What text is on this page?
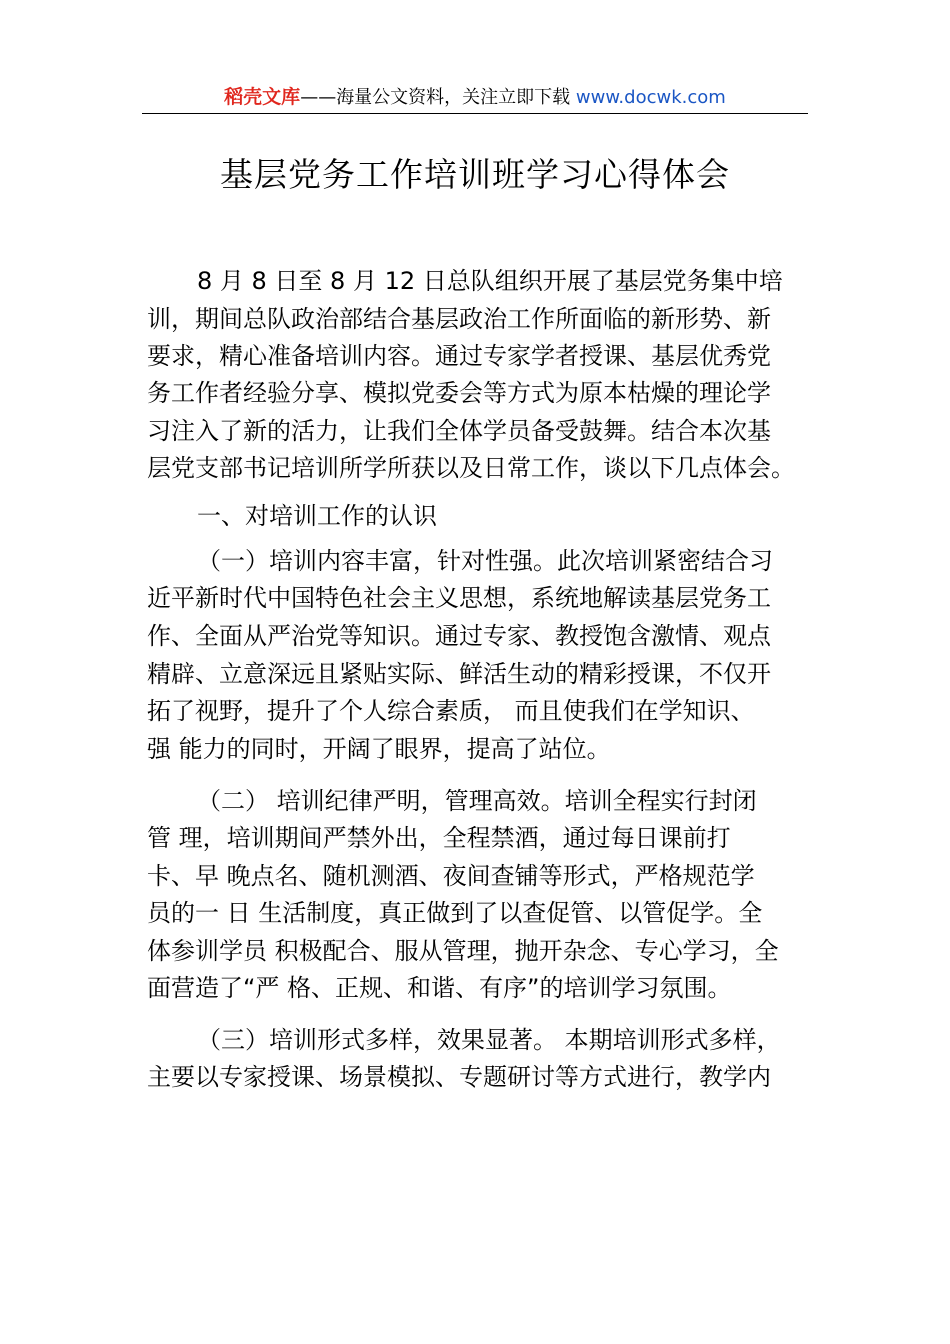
稻壳文库——海量公文资料，关注立即下载 www.docwk.com
基层党务工作培训班学习心得体会
8 月 8 日至 8 月 12 日总队组织开展了基层党务集中培
训，期间总队政治部结合基层政治工作所面临的新形势、新
要求，精心准备培训内容。通过专家学者授课、基层优秀党
务工作者经验分享、模拟党委会等方式为原本枯燥的理论学
习注入了新的活力，让我们全体学员备受鼓舞。结合本次基
层党支部书记培训所学所获以及日常工作，谈以下几点体会。
一、对培训工作的认识
（一）培训内容丰富，针对性强。此次培训紧密结合习
近平新时代中国特色社会主义思想，系统地解读基层党务工
作、全面从严治党等知识。通过专家、教授饱含激情、观点
精辟、立意深远且紧贴实际、鲜活生动的精彩授课，不仅开
拓了视野，提升了个人综合素质， 而且使我们在学知识、
强 能力的同时，开阔了眼界，提高了站位。
（二） 培训纪律严明，管理高效。培训全程实行封闭
管 理，培训期间严禁外出，全程禁酒，通过每日课前打
卡、早 晚点名、随机测酒、夜间查铺等形式，严格规范学
员的一 日 生活制度，真正做到了以查促管、以管促学。全
体参训学员 积极配合、服从管理，抛开杂念、专心学习，全
面营造了“严 格、正规、和谐、有序”的培训学习氛围。
（三）培训形式多样，效果显著。 本期培训形式多样，
主要以专家授课、场景模拟、专题研讨等方式进行，教学内
